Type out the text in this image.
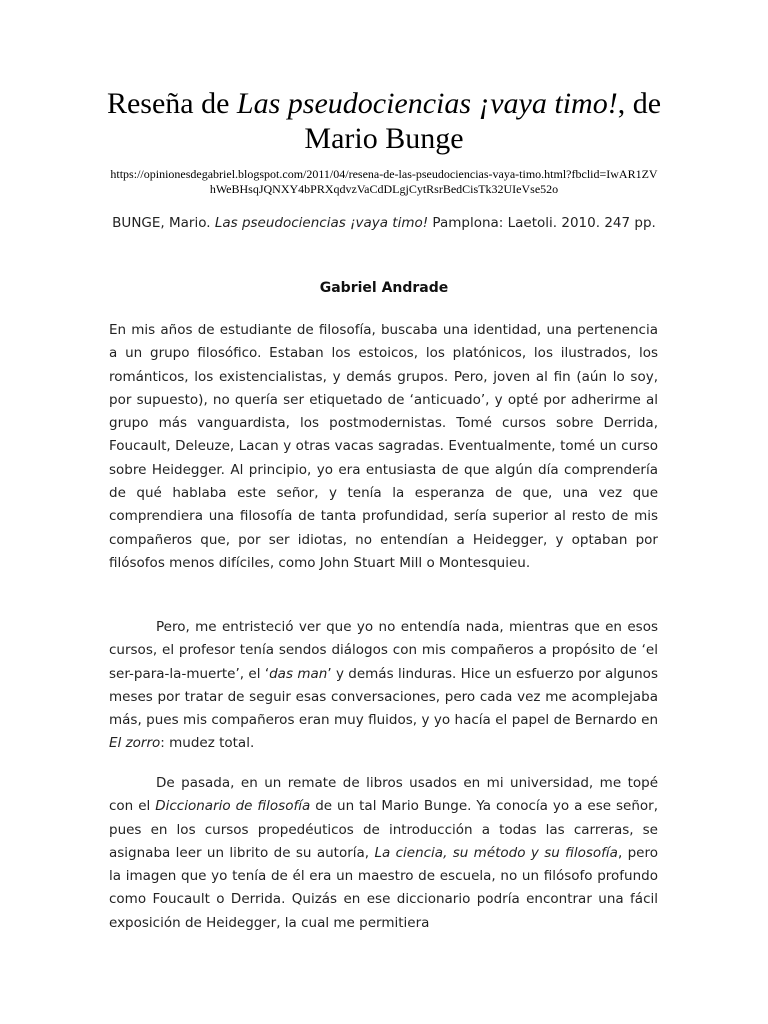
Reseña de Las pseudociencias ¡vaya timo!, de Mario Bunge
https://opinionesdegabriel.blogspot.com/2011/04/resena-de-las-pseudociencias-vaya-timo.html?fbclid=IwAR1ZVhWeBHsqJQNXY4bPRXqdvzVaCdDLgjCytRsrBedCisTk32UIeVse52o
BUNGE, Mario. Las pseudociencias ¡vaya timo! Pamplona: Laetoli. 2010. 247 pp.
Gabriel Andrade

En mis años de estudiante de filosofía, buscaba una identidad, una pertenencia a un grupo filosófico. Estaban los estoicos, los platónicos, los ilustrados, los románticos, los existencialistas, y demás grupos. Pero, joven al fin (aún lo soy, por supuesto), no quería ser etiquetado de ‘anticuado’, y opté por adherirme al grupo más vanguardista, los postmodernistas. Tomé cursos sobre Derrida, Foucault, Deleuze, Lacan y otras vacas sagradas. Eventualmente, tomé un curso sobre Heidegger. Al principio, yo era entusiasta de que algún día comprendería de qué hablaba este señor, y tenía la esperanza de que, una vez que comprendiera una filosofía de tanta profundidad, sería superior al resto de mis compañeros que, por ser idiotas, no entendían a Heidegger, y optaban por filósofos menos difíciles, como John Stuart Mill o Montesquieu.

Pero, me entristeció ver que yo no entendía nada, mientras que en esos cursos, el profesor tenía sendos diálogos con mis compañeros a propósito de ‘el ser-para-la-muerte’, el ‘das man’ y demás linduras. Hice un esfuerzo por algunos meses por tratar de seguir esas conversaciones, pero cada vez me acomplejaba más, pues mis compañeros eran muy fluidos, y yo hacía el papel de Bernardo en El zorro: mudez total.

De pasada, en un remate de libros usados en mi universidad, me topé con el Diccionario de filosofía de un tal Mario Bunge. Ya conocía yo a ese señor, pues en los cursos propedéuticos de introducción a todas las carreras, se asignaba leer un librito de su autoría, La ciencia, su método y su filosofía, pero la imagen que yo tenía de él era un maestro de escuela, no un filósofo profundo como Foucault o Derrida. Quizás en ese diccionario podría encontrar una fácil exposición de Heidegger, la cual me permitiera
